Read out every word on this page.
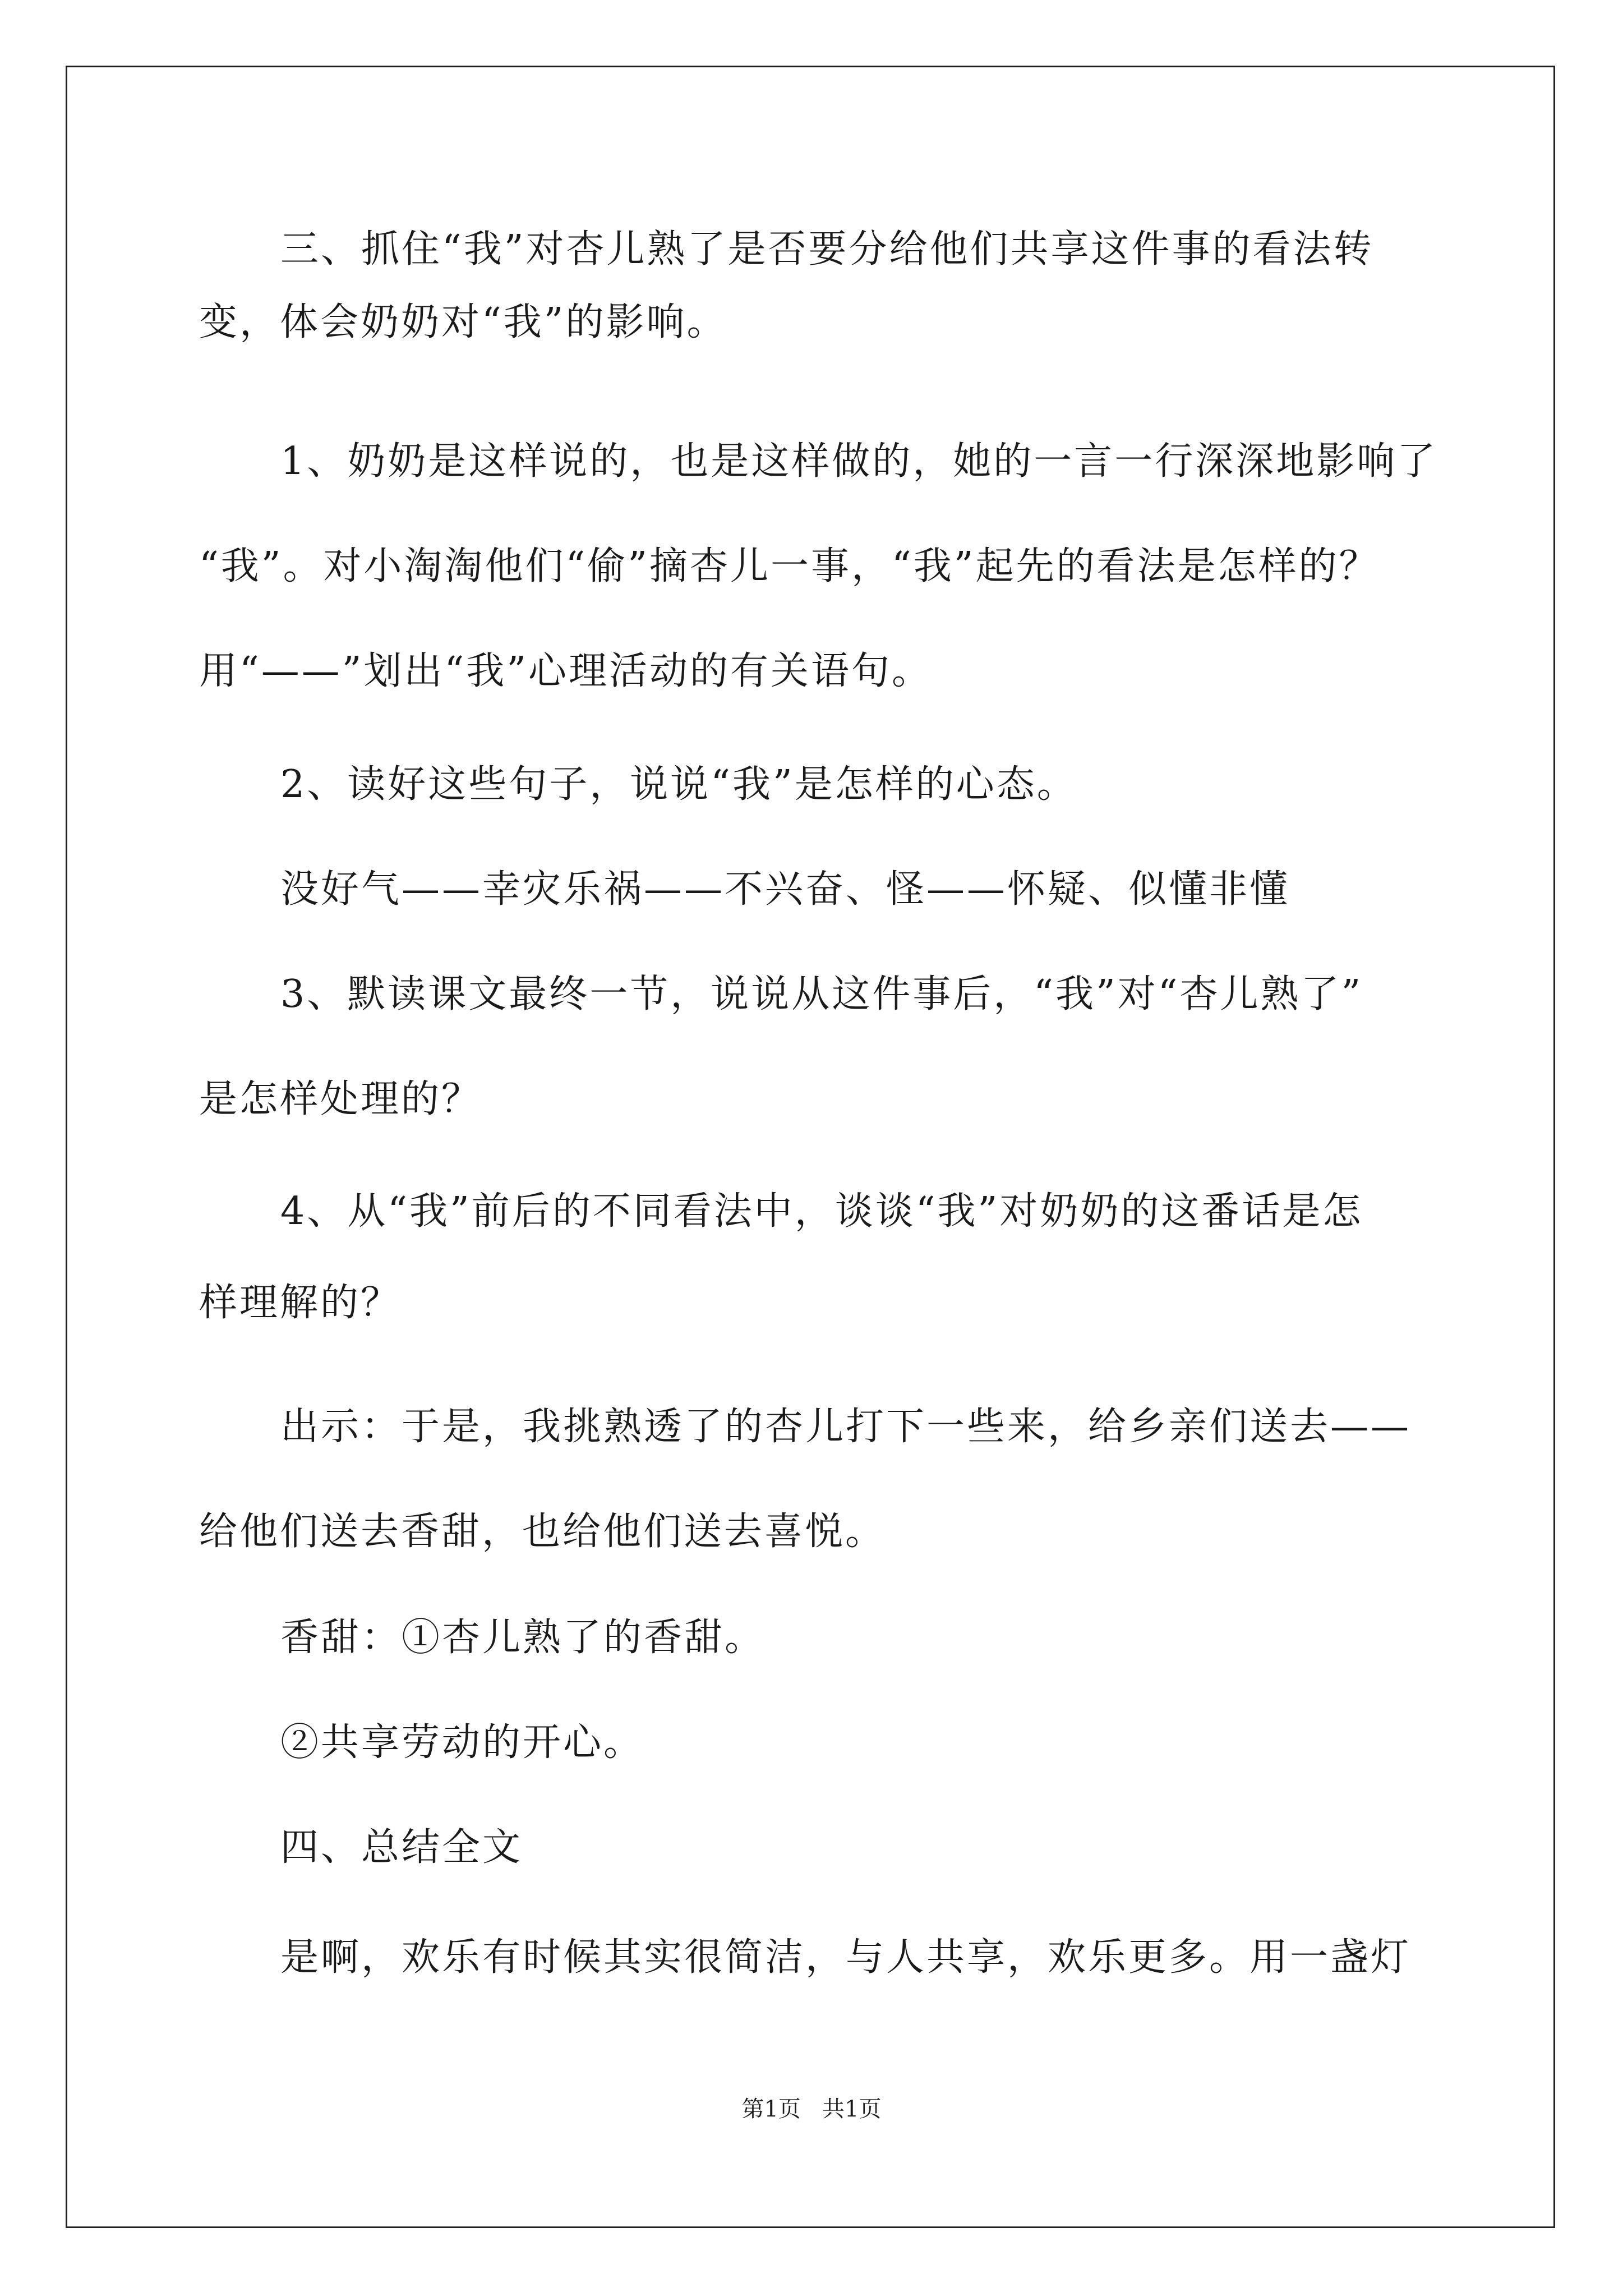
三、抓住“我”对杏儿熟了是否要分给他们共享这件事的看法转
变，体会奶奶对“我”的影响。
1、奶奶是这样说的，也是这样做的，她的一言一行深深地影响了
“我”。对小淘淘他们“偷”摘杏儿一事，“我”起先的看法是怎样的？
用“——”划出“我”心理活动的有关语句。
2、读好这些句子，说说“我”是怎样的心态。
没好气——幸灾乐祸——不兴奋、怪——怀疑、似懂非懂
3、默读课文最终一节，说说从这件事后，“我”对“杏儿熟了”
是怎样处理的？
4、从“我”前后的不同看法中，谈谈“我”对奶奶的这番话是怎
样理解的？
出示：于是，我挑熟透了的杏儿打下一些来，给乡亲们送去——
给他们送去香甜，也给他们送去喜悦。
香甜：①杏儿熟了的香甜。
②共享劳动的开心。
四、总结全文
是啊，欢乐有时候其实很简洁，与人共享，欢乐更多。用一盏灯
第1页   共1页
